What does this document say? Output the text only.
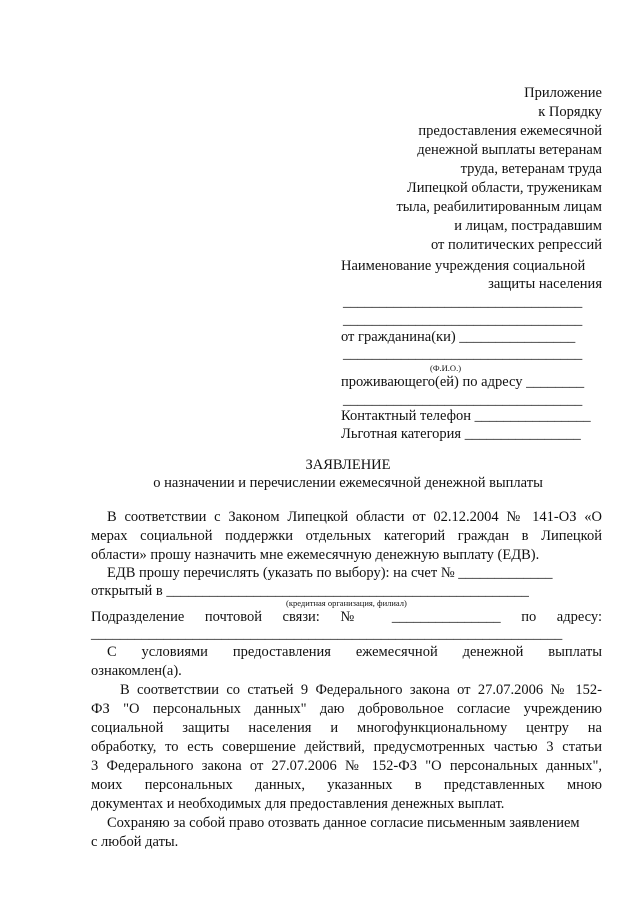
Приложение
к Порядку
предоставления ежемесячной
денежной выплаты ветеранам
труда, ветеранам труда
Липецкой области, труженикам
тыла, реабилитированным лицам
и лицам, пострадавшим
от политических репрессий
Наименование учреждения социальной
защиты населения
_________________________________
_________________________________
от гражданина(ки) ________________
_________________________________
(Ф.И.О.)
проживающего(ей) по адресу ________
_________________________________
Контактный телефон ________________
Льготная категория ________________
ЗАЯВЛЕНИЕ
о назначении и перечислении ежемесячной денежной выплаты
В соответствии с Законом Липецкой области от 02.12.2004 № 141-ОЗ «О
мерах социальной поддержки отдельных категорий граждан в Липецкой
области» прошу назначить мне ежемесячную денежную выплату (ЕДВ).
ЕДВ прошу перечислять (указать по выбору): на счет № _____________
открытый в __________________________________________________
(кредитная организация, филиал)
Подразделение почтовой связи: № _______________ по адресу:
_________________________________________________________________
С условиями предоставления ежемесячной денежной выплаты
ознакомлен(а).
В соответствии со статьей 9 Федерального закона от 27.07.2006 № 152-
ФЗ "О персональных данных" даю добровольное согласие учреждению
социальной защиты населения и многофункциональному центру на
обработку, то есть совершение действий, предусмотренных частью 3 статьи
3 Федерального закона от 27.07.2006 № 152-ФЗ "О персональных данных",
моих персональных данных, указанных в представленных мною
документах и необходимых для предоставления денежных выплат.
Сохраняю за собой право отозвать данное согласие письменным заявлением
с любой даты.
